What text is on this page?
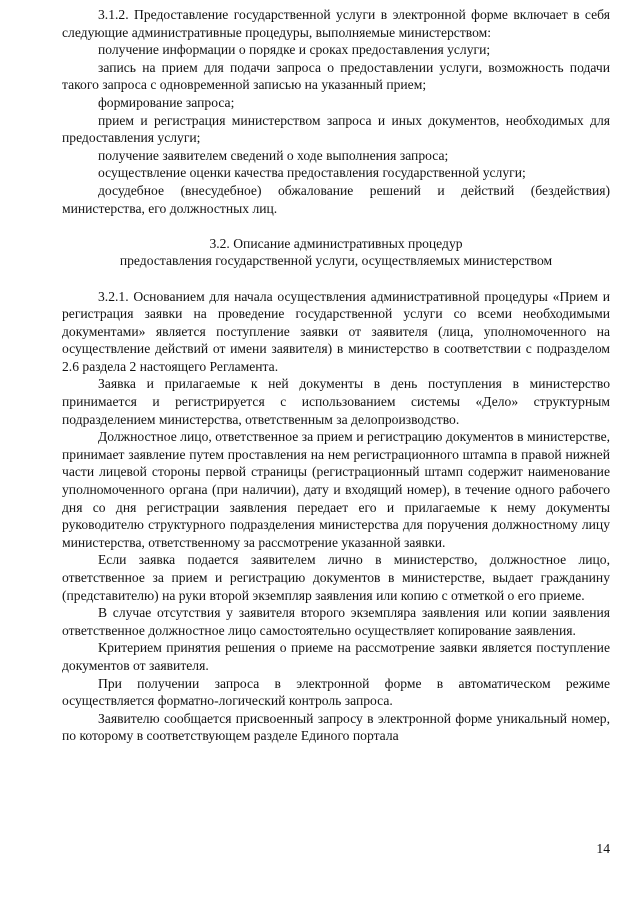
3.1.2. Предоставление государственной услуги в электронной форме включает в себя следующие административные процедуры, выполняемые министерством:

получение информации о порядке и сроках предоставления услуги;

запись на прием для подачи запроса о предоставлении услуги, возможность подачи такого запроса с одновременной записью на указанный прием;

формирование запроса;

прием и регистрация министерством запроса и иных документов, необходимых для предоставления услуги;

получение заявителем сведений о ходе выполнения запроса;

осуществление оценки качества предоставления государственной услуги;

досудебное (внесудебное) обжалование решений и действий (бездействия) министерства, его должностных лиц.

3.2. Описание административных процедур

предоставления государственной услуги, осуществляемых министерством

3.2.1. Основанием для начала осуществления административной процедуры «Прием и регистрация заявки на проведение государственной услуги со всеми необходимыми документами» является поступление заявки от заявителя (лица, уполномоченного на осуществление действий от имени заявителя) в министерство в соответствии с подразделом 2.6 раздела 2 настоящего Регламента.

Заявка и прилагаемые к ней документы в день поступления в министерство принимается и регистрируется с использованием системы «Дело» структурным подразделением министерства, ответственным за делопроизводство.

Должностное лицо, ответственное за прием и регистрацию документов в министерстве, принимает заявление путем проставления на нем регистрационного штампа в правой нижней части лицевой стороны первой страницы (регистрационный штамп содержит наименование уполномоченного органа (при наличии), дату и входящий номер), в течение одного рабочего дня со дня регистрации заявления передает его и прилагаемые к нему документы руководителю структурного подразделения министерства для поручения должностному лицу министерства, ответственному за рассмотрение указанной заявки.

Если заявка подается заявителем лично в министерство, должностное лицо, ответственное за прием и регистрацию документов в министерстве, выдает гражданину (представителю) на руки второй экземпляр заявления или копию с отметкой о его приеме.

В случае отсутствия у заявителя второго экземпляра заявления или копии заявления ответственное должностное лицо самостоятельно осуществляет копирование заявления.

Критерием принятия решения о приеме на рассмотрение заявки является поступление документов от заявителя.

При получении запроса в электронной форме в автоматическом режиме осуществляется форматно-логический контроль запроса.

Заявителю сообщается присвоенный запросу в электронной форме уникальный номер, по которому в соответствующем разделе Единого портала

14
